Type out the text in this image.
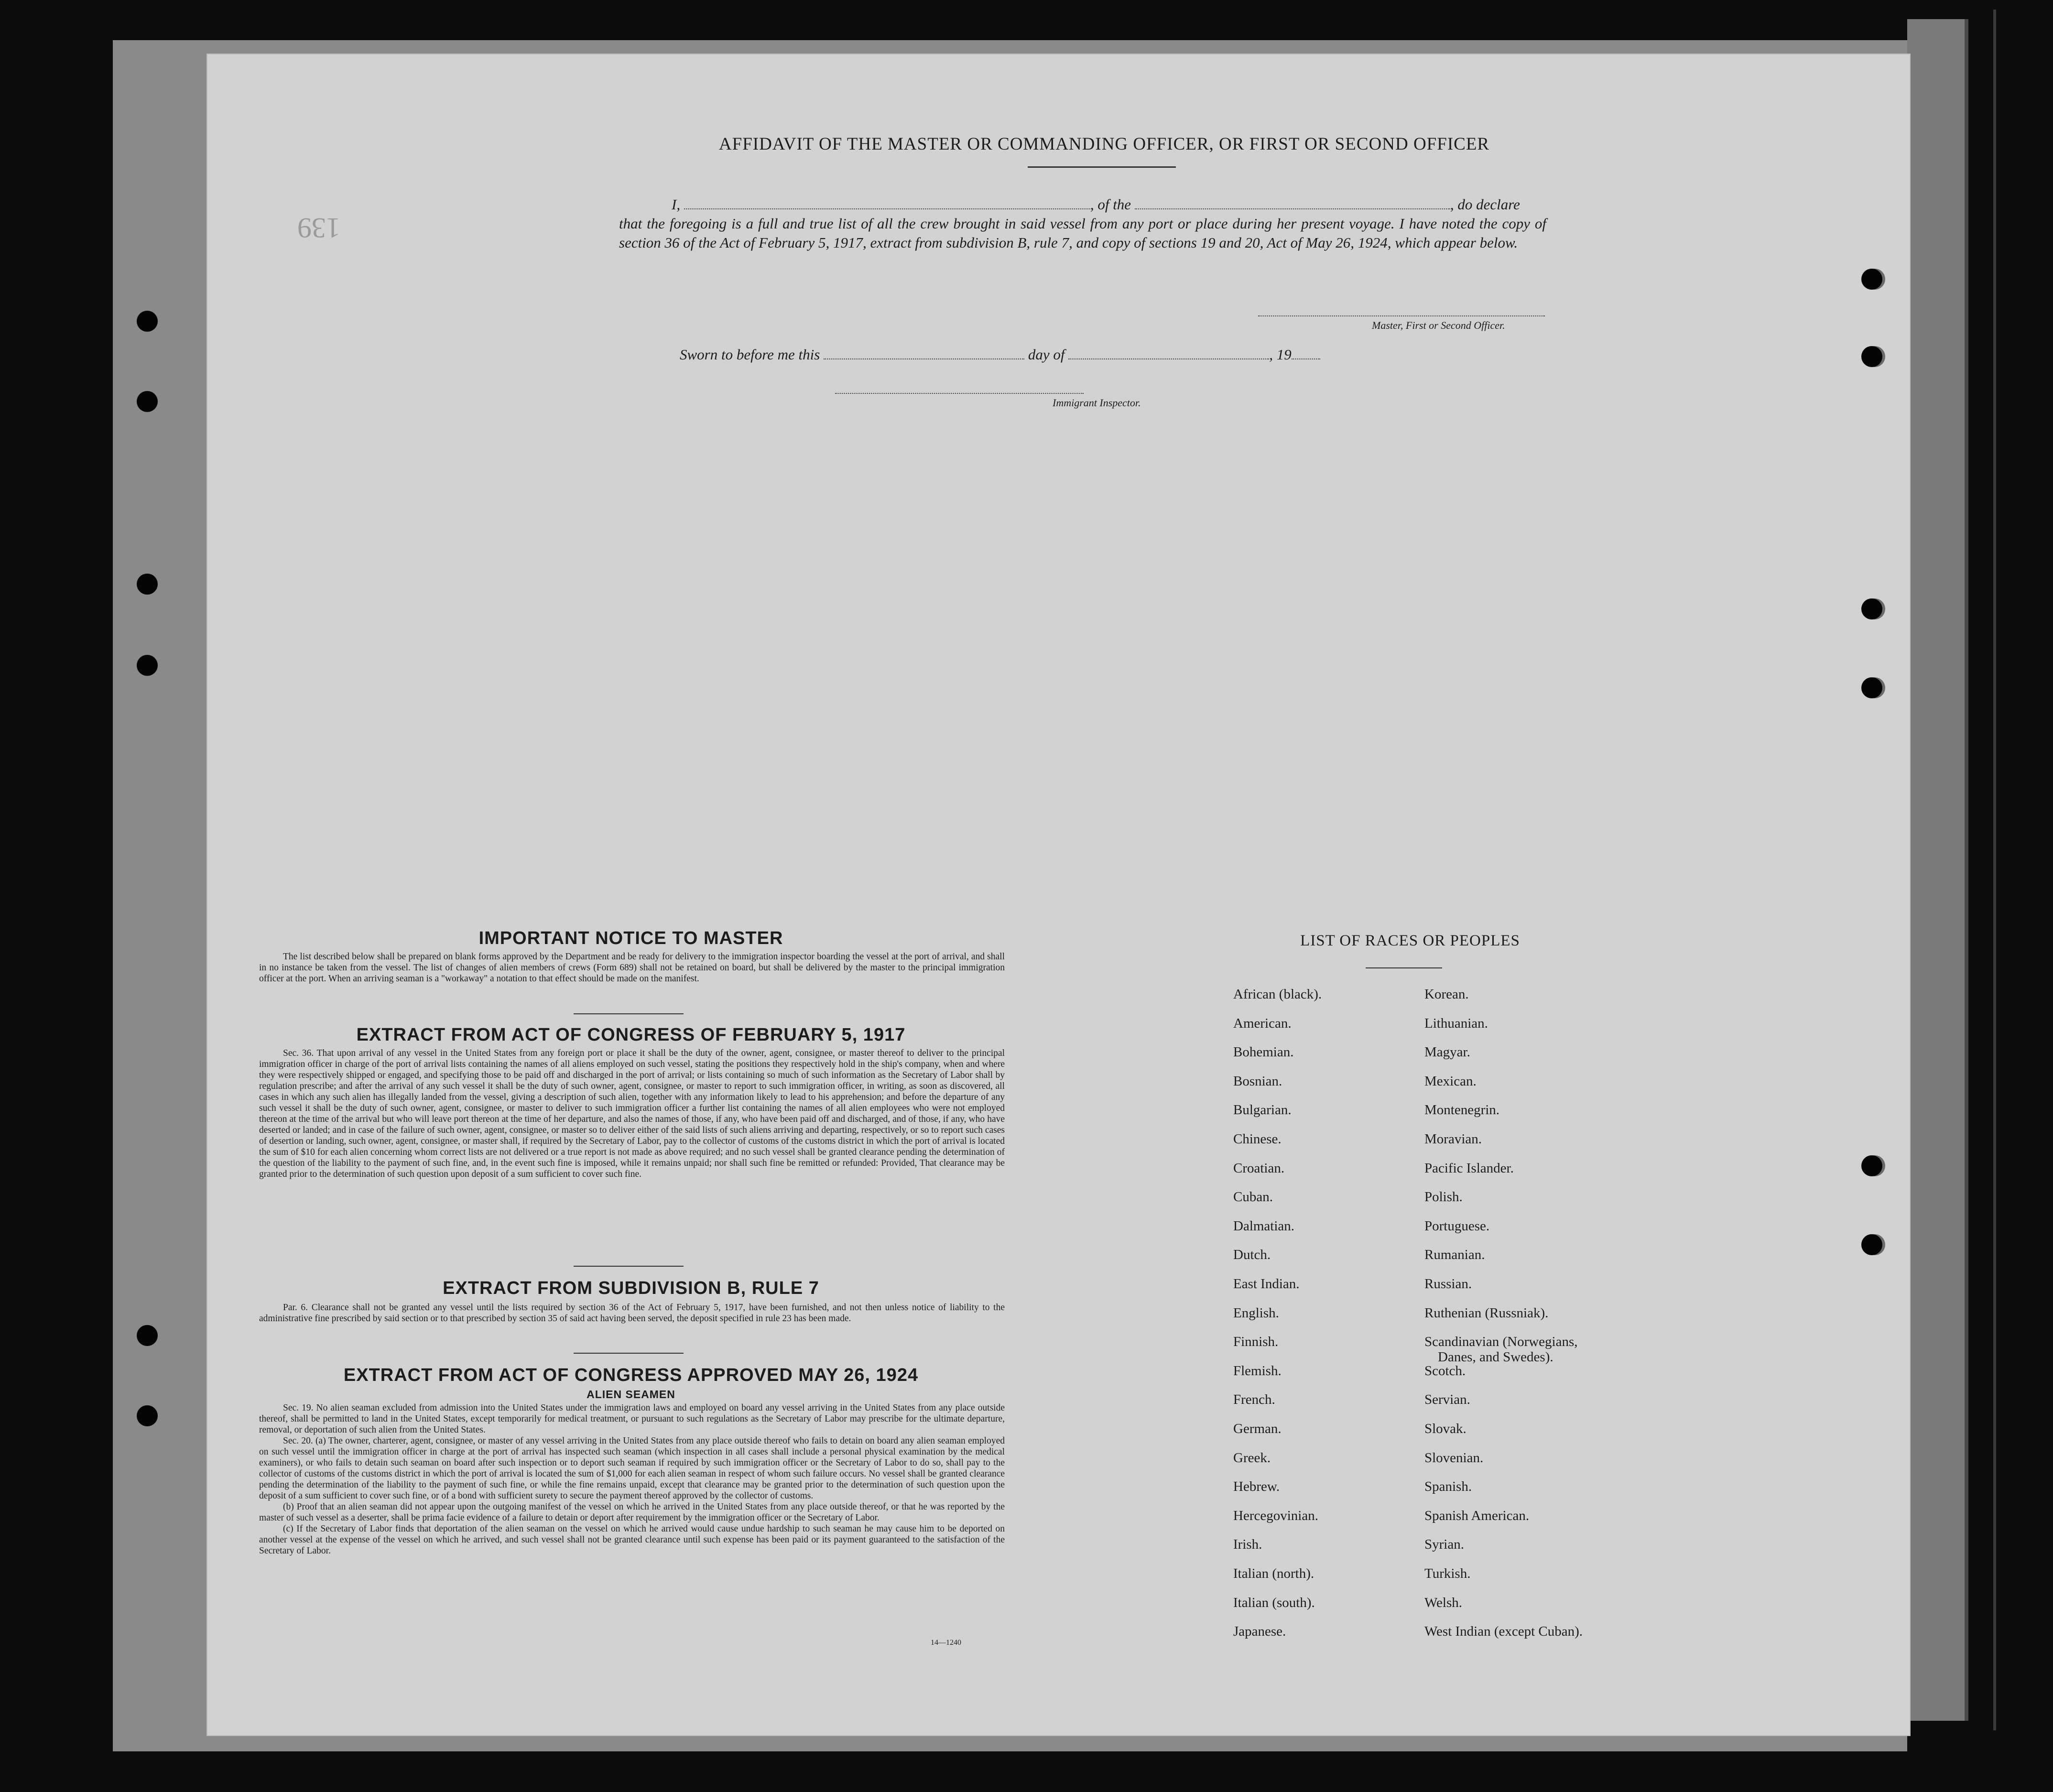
139
AFFIDAVIT OF THE MASTER OR COMMANDING OFFICER, OR FIRST OR SECOND OFFICER
I,	, of the	, do declare
that the foregoing is a full and true list of all the crew brought in said vessel from any port or place during her present voyage. I have noted the copy of section 36 of the Act of February 5, 1917, extract from subdivision B, rule 7, and copy of sections 19 and 20, Act of May 26, 1924, which appear below.
Master, First or Second Officer.
Sworn to before me this	day of	, 19
Immigrant Inspector.
IMPORTANT NOTICE TO MASTER
The list described below shall be prepared on blank forms approved by the Department and be ready for delivery to the immigration inspector boarding the vessel at the port of arrival, and shall in no instance be taken from the vessel. The list of changes of alien members of crews (Form 689) shall not be retained on board, but shall be delivered by the master to the principal immigration officer at the port. When an arriving seaman is a "workaway" a notation to that effect should be made on the manifest.
EXTRACT FROM ACT OF CONGRESS OF FEBRUARY 5, 1917
Sec. 36. That upon arrival of any vessel in the United States from any foreign port or place it shall be the duty of the owner, agent, consignee, or master thereof to deliver to the principal immigration officer in charge of the port of arrival lists containing the names of all aliens employed on such vessel, stating the positions they respectively hold in the ship's company, when and where they were respectively shipped or engaged, and specifying those to be paid off and discharged in the port of arrival; or lists containing so much of such information as the Secretary of Labor shall by regulation prescribe; and after the arrival of any such vessel it shall be the duty of such owner, agent, consignee, or master to report to such immigration officer, in writing, as soon as discovered, all cases in which any such alien has illegally landed from the vessel, giving a description of such alien, together with any information likely to lead to his apprehension; and before the departure of any such vessel it shall be the duty of such owner, agent, consignee, or master to deliver to such immigration officer a further list containing the names of all alien employees who were not employed thereon at the time of the arrival but who will leave port thereon at the time of her departure, and also the names of those, if any, who have been paid off and discharged, and of those, if any, who have deserted or landed; and in case of the failure of such owner, agent, consignee, or master so to deliver either of the said lists of such aliens arriving and departing, respectively, or so to report such cases of desertion or landing, such owner, agent, consignee, or master shall, if required by the Secretary of Labor, pay to the collector of customs of the customs district in which the port of arrival is located the sum of $10 for each alien concerning whom correct lists are not delivered or a true report is not made as above required; and no such vessel shall be granted clearance pending the determination of the question of the liability to the payment of such fine, and, in the event such fine is imposed, while it remains unpaid; nor shall such fine be remitted or refunded: Provided, That clearance may be granted prior to the determination of such question upon deposit of a sum sufficient to cover such fine.
EXTRACT FROM SUBDIVISION B, RULE 7
Par. 6. Clearance shall not be granted any vessel until the lists required by section 36 of the Act of February 5, 1917, have been furnished, and not then unless notice of liability to the administrative fine prescribed by said section or to that prescribed by section 35 of said act having been served, the deposit specified in rule 23 has been made.
EXTRACT FROM ACT OF CONGRESS APPROVED MAY 26, 1924
ALIEN SEAMEN
Sec. 19. No alien seaman excluded from admission into the United States under the immigration laws and employed on board any vessel arriving in the United States from any place outside thereof, shall be permitted to land in the United States, except temporarily for medical treatment, or pursuant to such regulations as the Secretary of Labor may prescribe for the ultimate departure, removal, or deportation of such alien from the United States.
Sec. 20. (a) The owner, charterer, agent, consignee, or master of any vessel arriving in the United States from any place outside thereof who fails to detain on board any alien seaman employed on such vessel until the immigration officer in charge at the port of arrival has inspected such seaman (which inspection in all cases shall include a personal physical examination by the medical examiners), or who fails to detain such seaman on board after such inspection or to deport such seaman if required by such immigration officer or the Secretary of Labor to do so, shall pay to the collector of customs of the customs district in which the port of arrival is located the sum of $1,000 for each alien seaman in respect of whom such failure occurs. No vessel shall be granted clearance pending the determination of the liability to the payment of such fine, or while the fine remains unpaid, except that clearance may be granted prior to the determination of such question upon the deposit of a sum sufficient to cover such fine, or of a bond with sufficient surety to secure the payment thereof approved by the collector of customs.
(b) Proof that an alien seaman did not appear upon the outgoing manifest of the vessel on which he arrived in the United States from any place outside thereof, or that he was reported by the master of such vessel as a deserter, shall be prima facie evidence of a failure to detain or deport after requirement by the immigration officer or the Secretary of Labor.
(c) If the Secretary of Labor finds that deportation of the alien seaman on the vessel on which he arrived would cause undue hardship to such seaman he may cause him to be deported on another vessel at the expense of the vessel on which he arrived, and such vessel shall not be granted clearance until such expense has been paid or its payment guaranteed to the satisfaction of the Secretary of Labor.
14—1240
LIST OF RACES OR PEOPLES
African (black).
American.
Bohemian.
Bosnian.
Bulgarian.
Chinese.
Croatian.
Cuban.
Dalmatian.
Dutch.
East Indian.
English.
Finnish.
Flemish.
French.
German.
Greek.
Hebrew.
Hercegovinian.
Irish.
Italian (north).
Italian (south).
Japanese.
Korean.
Lithuanian.
Magyar.
Mexican.
Montenegrin.
Moravian.
Pacific Islander.
Polish.
Portuguese.
Rumanian.
Russian.
Ruthenian (Russniak).
Scandinavian (Norwegians,
Danes, and Swedes).
Scotch.
Servian.
Slovak.
Slovenian.
Spanish.
Spanish American.
Syrian.
Turkish.
Welsh.
West Indian (except Cuban).
